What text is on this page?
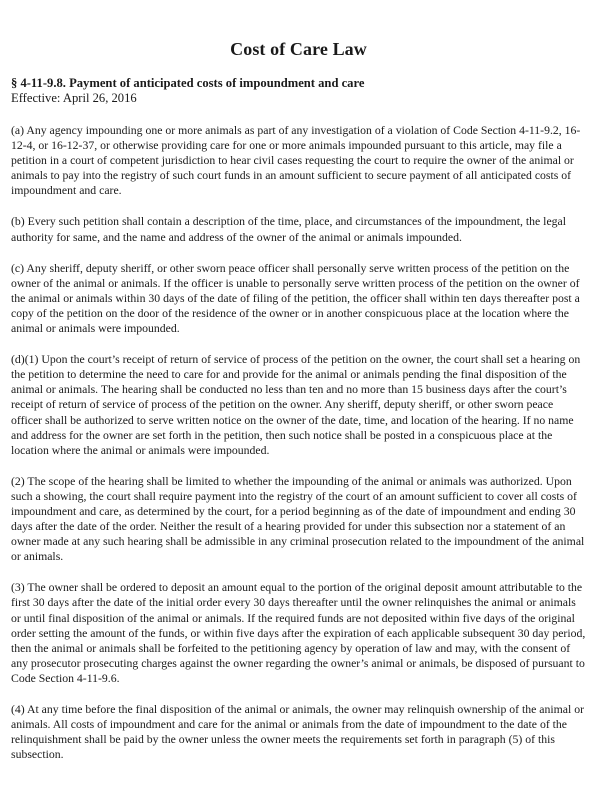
Cost of Care Law

§ 4-11-9.8. Payment of anticipated costs of impoundment and care

Effective: April 26, 2016

(a) Any agency impounding one or more animals as part of any investigation of a violation of Code Section 4-11-9.2, 16-12-4, or 16-12-37, or otherwise providing care for one or more animals impounded pursuant to this article, may file a petition in a court of competent jurisdiction to hear civil cases requesting the court to require the owner of the animal or animals to pay into the registry of such court funds in an amount sufficient to secure payment of all anticipated costs of impoundment and care.

(b) Every such petition shall contain a description of the time, place, and circumstances of the impoundment, the legal authority for same, and the name and address of the owner of the animal or animals impounded.

(c) Any sheriff, deputy sheriff, or other sworn peace officer shall personally serve written process of the petition on the owner of the animal or animals. If the officer is unable to personally serve written process of the petition on the owner of the animal or animals within 30 days of the date of filing of the petition, the officer shall within ten days thereafter post a copy of the petition on the door of the residence of the owner or in another conspicuous place at the location where the animal or animals were impounded.

(d)(1) Upon the court’s receipt of return of service of process of the petition on the owner, the court shall set a hearing on the petition to determine the need to care for and provide for the animal or animals pending the final disposition of the animal or animals. The hearing shall be conducted no less than ten and no more than 15 business days after the court’s receipt of return of service of process of the petition on the owner. Any sheriff, deputy sheriff, or other sworn peace officer shall be authorized to serve written notice on the owner of the date, time, and location of the hearing. If no name and address for the owner are set forth in the petition, then such notice shall be posted in a conspicuous place at the location where the animal or animals were impounded.

(2) The scope of the hearing shall be limited to whether the impounding of the animal or animals was authorized. Upon such a showing, the court shall require payment into the registry of the court of an amount sufficient to cover all costs of impoundment and care, as determined by the court, for a period beginning as of the date of impoundment and ending 30 days after the date of the order. Neither the result of a hearing provided for under this subsection nor a statement of an owner made at any such hearing shall be admissible in any criminal prosecution related to the impoundment of the animal or animals.

(3) The owner shall be ordered to deposit an amount equal to the portion of the original deposit amount attributable to the first 30 days after the date of the initial order every 30 days thereafter until the owner relinquishes the animal or animals or until final disposition of the animal or animals. If the required funds are not deposited within five days of the original order setting the amount of the funds, or within five days after the expiration of each applicable subsequent 30 day period, then the animal or animals shall be forfeited to the petitioning agency by operation of law and may, with the consent of any prosecutor prosecuting charges against the owner regarding the owner’s animal or animals, be disposed of pursuant to Code Section 4-11-9.6.

(4) At any time before the final disposition of the animal or animals, the owner may relinquish ownership of the animal or animals. All costs of impoundment and care for the animal or animals from the date of impoundment to the date of the relinquishment shall be paid by the owner unless the owner meets the requirements set forth in paragraph (5) of this subsection.
